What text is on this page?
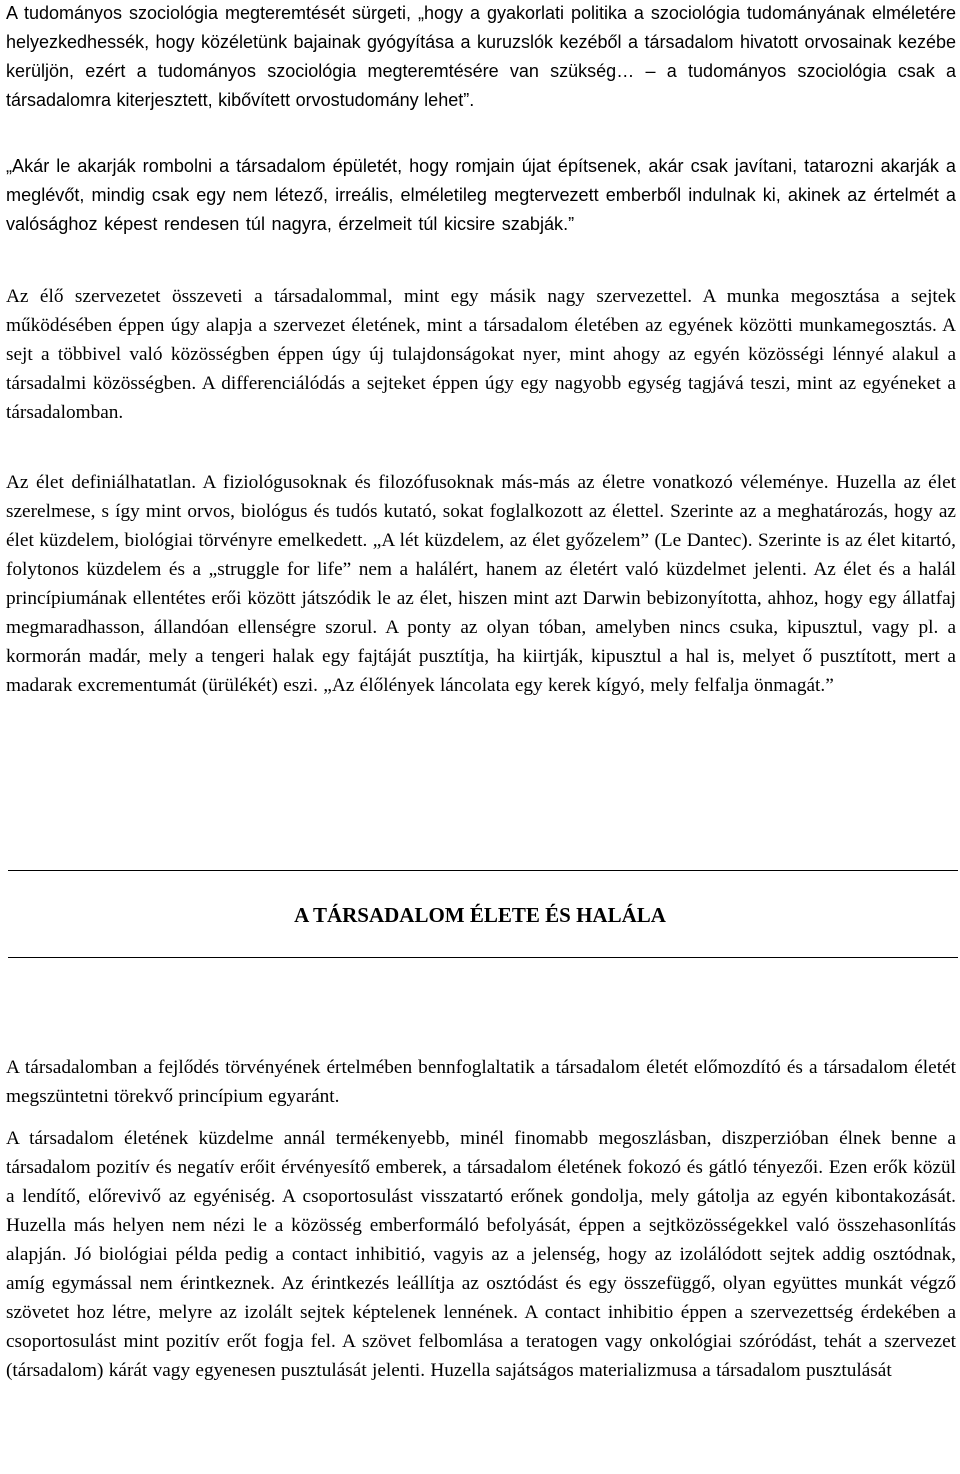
A tudományos szociológia megteremtését sürgeti, „hogy a gyakorlati politika a szociológia tudományának elméletére helyezkedhessék, hogy közéletünk bajainak gyógyítása a kuruzslók kezéből a társadalom hivatott orvosainak kezébe kerüljön, ezért a tudományos szociológia megteremtésére van szükség… – a tudományos szociológia csak a társadalomra kiterjesztett, kibővített orvostudomány lehet”.

„Akár le akarják rombolni a társadalom épületét, hogy romjain újat építsenek, akár csak javítani, tatarozni akarják a meglévőt, mindig csak egy nem létező, irreális, elméletileg megtervezett emberből indulnak ki, akinek az értelmét a valósághoz képest rendesen túl nagyra, érzelmeit túl kicsire szabják.”

Az élő szervezetet összeveti a társadalommal, mint egy másik nagy szervezettel. A munka megosztása a sejtek működésében éppen úgy alapja a szervezet életének, mint a társadalom életében az egyének közötti munkamegosztás. A sejt a többivel való közösségben éppen úgy új tulajdonságokat nyer, mint ahogy az egyén közösségi lénnyé alakul a társadalmi közösségben. A differenciálódás a sejteket éppen úgy egy nagyobb egység tagjává teszi, mint az egyéneket a társadalomban.

Az élet definiálhatatlan. A fiziológusoknak és filozófusoknak más-más az életre vonatkozó véleménye. Huzella az élet szerelmese, s így mint orvos, biológus és tudós kutató, sokat foglalkozott az élettel. Szerinte az a meghatározás, hogy az élet küzdelem, biológiai törvényre emelkedett. „A lét küzdelem, az élet győzelem” (Le Dantec). Szerinte is az élet kitartó, folytonos küzdelem és a „struggle for life” nem a halálért, hanem az életért való küzdelmet jelenti. Az élet és a halál princípiumának ellentétes erői között játszódik le az élet, hiszen mint azt Darwin bebizonyította, ahhoz, hogy egy állatfaj megmaradhasson, állandóan ellenségre szorul. A ponty az olyan tóban, amelyben nincs csuka, kipusztul, vagy pl. a kormorán madár, mely a tengeri halak egy fajtáját pusztítja, ha kiirtják, kipusztul a hal is, melyet ő pusztított, mert a madarak excrementumát (ürülékét) eszi. „Az élőlények láncolata egy kerek kígyó, mely felfalja önmagát.”

A társadalomban a fejlődés törvényének értelmében bennfoglaltatik a társadalom életét előmozdító és a társadalom életét megszüntetni törekvő princípium egyaránt.

A társadalom életének küzdelme annál termékenyebb, minél finomabb megoszlásban, diszperzióban élnek benne a társadalom pozitív és negatív erőit érvényesítő emberek, a társadalom életének fokozó és gátló tényezői. Ezen erők közül a lendítő, előrevivő az egyéniség. A csoportosulást visszatartó erőnek gondolja, mely gátolja az egyén kibontakozását. Huzella más helyen nem nézi le a közösség emberformáló befolyását, éppen a sejtközösségekkel való összehasonlítás alapján. Jó biológiai példa pedig a contact inhibitió, vagyis az a jelenség, hogy az izolálódott sejtek addig osztódnak, amíg egymással nem érintkeznek. Az érintkezés leállítja az osztódást és egy összefüggő, olyan együttes munkát végző szövetet hoz létre, melyre az izolált sejtek képtelenek lennének. A contact inhibitio éppen a szervezettség érdekében a csoportosulást mint pozitív erőt fogja fel. A szövet felbomlása a teratogen vagy onkológiai szóródást, tehát a szervezet (társadalom) kárát vagy egyenesen pusztulását jelenti. Huzella sajátságos materializmusa a társadalom pusztulását

A TÁRSADALOM ÉLETE ÉS HALÁLA
